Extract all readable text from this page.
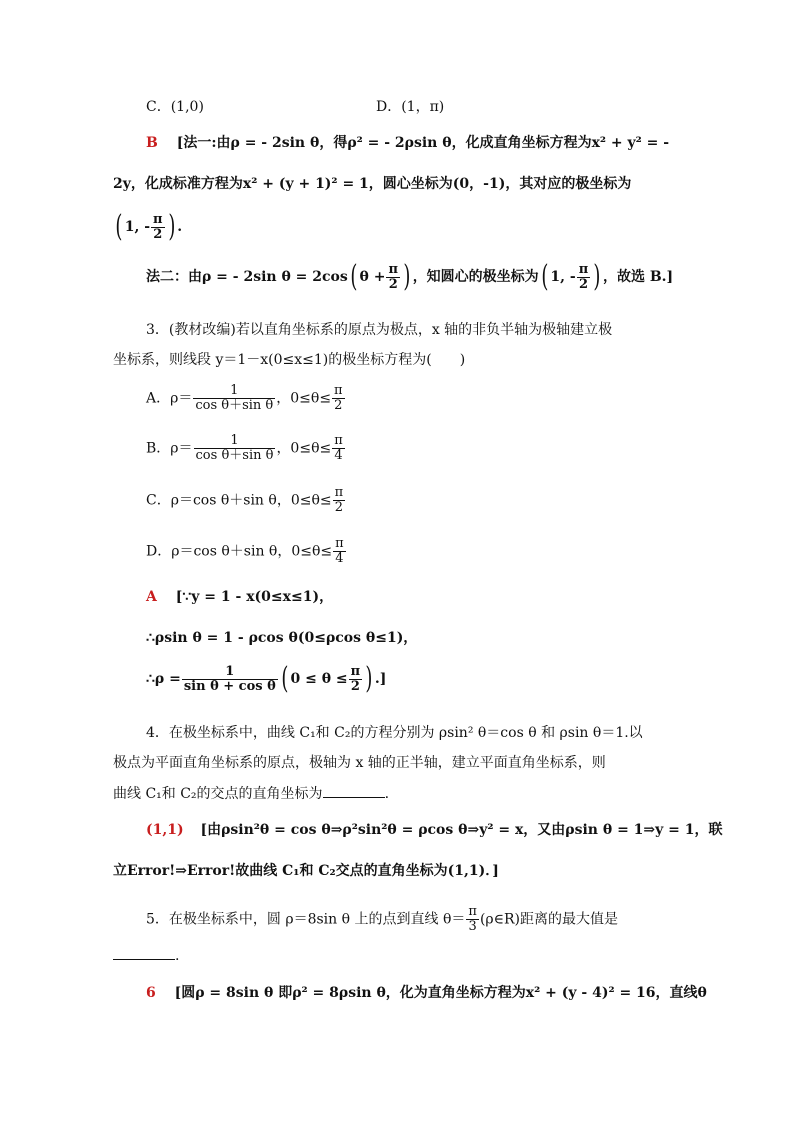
C．(1,0)	D．(1，π)
B [法一:由ρ = - 2sin θ，得ρ² = - 2ρsin θ，化成直角坐标方程为x² + y² = -
2y，化成标准方程为x² + (y + 1)² = 1，圆心坐标为(0，-1)，其对应的极坐标为
( 1, - $\frac{\pi}{2}$ ) .
法二：由ρ = - 2sin θ = 2cos( $\theta + \frac{\pi}{2}$ ) ，知圆心的极坐标为( 1, - $\frac{\pi}{2}$ ) ，故选 B.]
3．(教材改编)若以直角坐标系的原点为极点，x 轴的非负半轴为极轴建立极
坐标系，则线段 y＝1－x(0≤x≤1)的极坐标方程为(　　)
A．$\rho= \frac{1}{\text{cos θ＋sin θ}}$ ，$0\le\theta\le \frac{\pi}{2}$
B．$\rho= \frac{1}{\text{cos θ＋sin θ}}$ ，$0\le\theta\le \frac{\pi}{4}$
C．ρ＝cos θ＋sin θ，$0\le\theta\le \frac{\pi}{2}$
D．ρ＝cos θ＋sin θ，$0\le\theta\le \frac{\pi}{4}$
A [∵y = 1 - x(0≤x≤1)，
∴ρsin θ = 1 - ρcos θ(0≤ρcos θ≤1)，
∴ρ = $\frac{1}{\text{sin θ + cos θ}}$ ( $0 \le \theta \le \frac{\pi}{2}$ ) .]
4．在极坐标系中，曲线 C₁和 C₂的方程分别为 ρsin² θ＝cos θ 和 ρsin θ＝1.以
极点为平面直角坐标系的原点，极轴为 x 轴的正半轴，建立平面直角坐标系，则
曲线 C₁和 C₂的交点的直角坐标为	.
(1,1) [由ρsin²θ = cos θ⇒ρ²sin²θ = ρcos θ⇒y² = x，又由ρsin θ = 1⇒y = 1，联
立Error!⇒Error!故曲线 C₁和 C₂交点的直角坐标为(1,1)．]
5．在极坐标系中，圆 ρ＝8sin θ 上的点到直线 $\theta= \frac{\pi}{3}$ (ρ∈R)距离的最大值是
.
6 [圆ρ = 8sin θ 即ρ² = 8ρsin θ，化为直角坐标方程为x² + (y - 4)² = 16，直线θ
